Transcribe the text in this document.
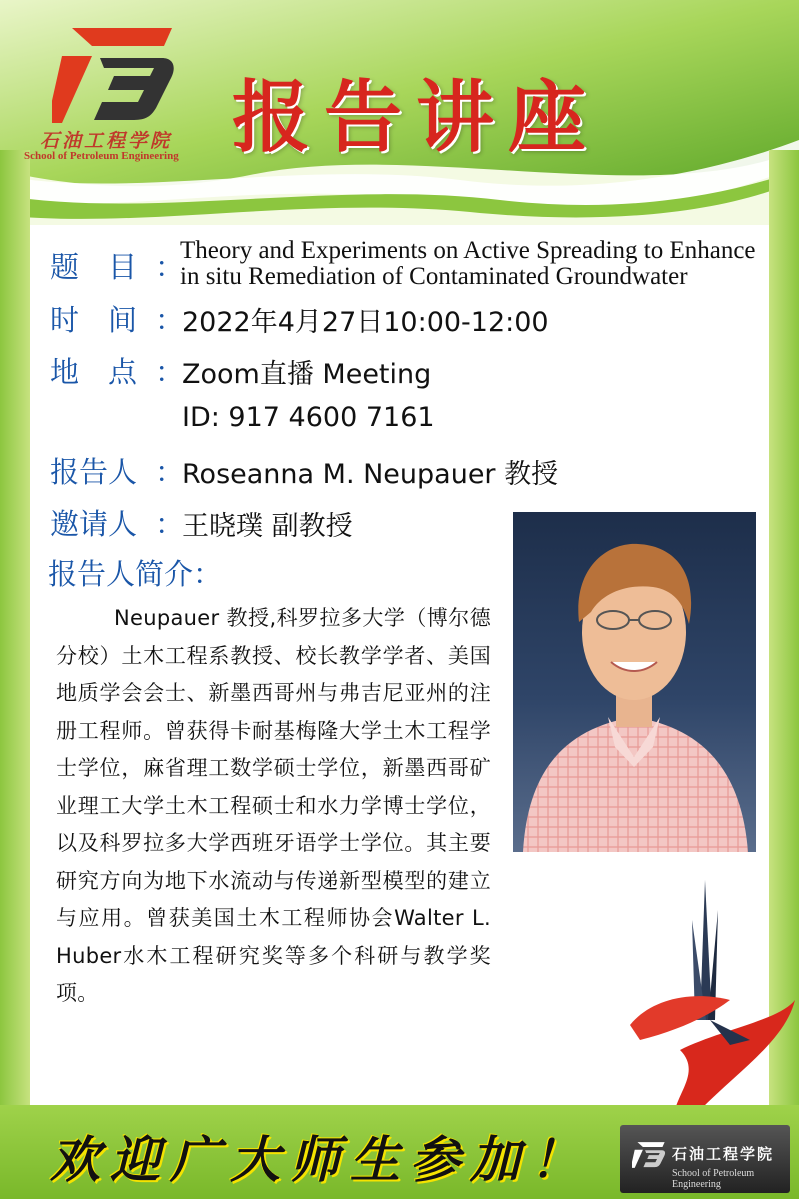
石油工程学院
School of Petroleum Engineering 报告讲座
题　目 ：
Theory and Experiments on Active Spreading to Enhance
in situ Remediation of Contaminated Groundwater
时　间 ：
2022年4月27日10:00-12:00
地　点 ：
Zoom直播 Meeting
ID: 917 4600 7161
报告人 ：
Roseanna M. Neupauer 教授
邀请人 ：
王晓璞 副教授
报告人简介：
Neupauer 教授,科罗拉多大学（博尔德分校）土木工程系教授、校长教学学者、美国地质学会会士、新墨西哥州与弗吉尼亚州的注册工程师。曾获得卡耐基梅隆大学土木工程学士学位，麻省理工数学硕士学位，新墨西哥矿业理工大学土木工程硕士和水力学博士学位，以及科罗拉多大学西班牙语学士学位。其主要研究方向为地下水流动与传递新型模型的建立与应用。曾获美国土木工程师协会Walter L. Huber水木工程研究奖等多个科研与教学奖项。
欢迎广大师生参加！	石油工程学院
School of Petroleum Engineering
